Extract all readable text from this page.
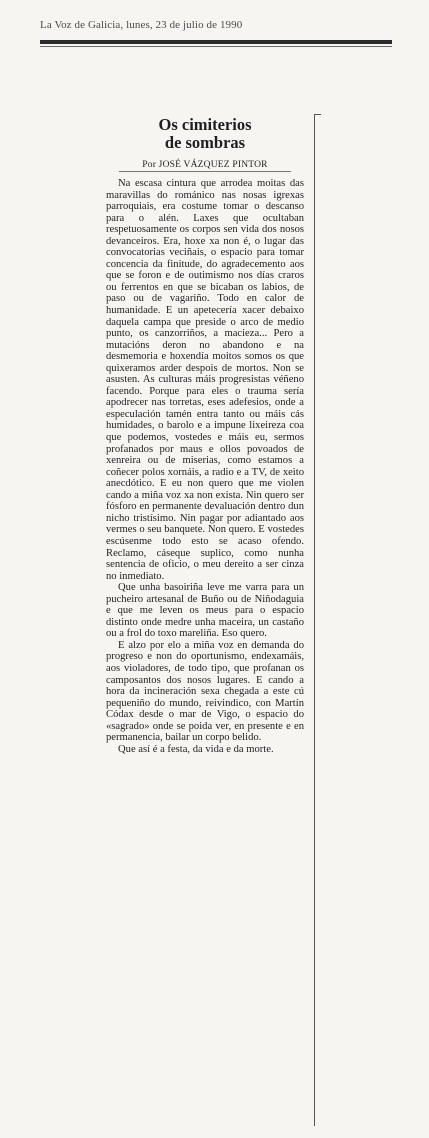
La Voz de Galicia, lunes, 23 de julio de 1990
Os cimiterios
de sombras
Por JOSÉ VÁZQUEZ PINTOR

Na escasa cintura que arrodea moitas das maravillas do románico nas nosas igrexas parroquiais, era costume tomar o descanso para o alén. Laxes que ocultaban respetuosamente os corpos sen vida dos nosos devanceiros. Era, hoxe xa non é, o lugar das convocatorias veciñais, o espacio para tomar concencia da finitude, do agradecemento aos que se foron e de outimismo nos días craros ou ferrentos en que se bicaban os labios, de paso ou de vagariño. Todo en calor de humanidade. E un apetecería xacer debaixo daquela campa que preside o arco de medio punto, os canzorriños, a macieza... Pero a mutacións deron no abandono e na desmemoria e hoxendía moitos somos os que quixeramos arder despois de mortos. Non se asusten. As culturas máis progresistas véñeno facendo. Porque para eles o trauma sería apodrecer nas torretas, eses adefesios, onde a especulación tamén entra tanto ou máis cás humidades, o barolo e a impune lixeireza coa que podemos, vostedes e máis eu, sermos profanados por maus e ollos povoados de xenreira ou de miserias, como estamos a coñecer polos xornáis, a radio e a TV, de xeito anecdótico. E eu non quero que me violen cando a miña voz xa non exista. Nin quero ser fósforo en permanente devaluación dentro dun nicho tristísimo. Nin pagar por adiantado aos vermes o seu banquete. Non quero. E vostedes escúsenme todo esto se acaso ofendo. Reclamo, cáseque suplico, como nunha sentencia de oficio, o meu dereito a ser cinza no inmediato.

Que unha basoiriña leve me varra para un pucheiro artesanal de Buño ou de Niñodaguia e que me leven os meus para o espacio distinto onde medre unha maceira, un castaño ou a frol do toxo mareliña. Eso quero.

E alzo por elo a miña voz en demanda do progreso e non do oportunismo, endexamáis, aos violadores, de todo tipo, que profanan os camposantos dos nosos lugares. E cando a hora da incineración sexa chegada a este cú pequeniño do mundo, reivindico, con Martín Códax desde o mar de Vigo, o espacio do «sagrado» onde se poida ver, en presente e en permanencia, bailar un corpo belido.

Que así é a festa, da vida e da morte.
